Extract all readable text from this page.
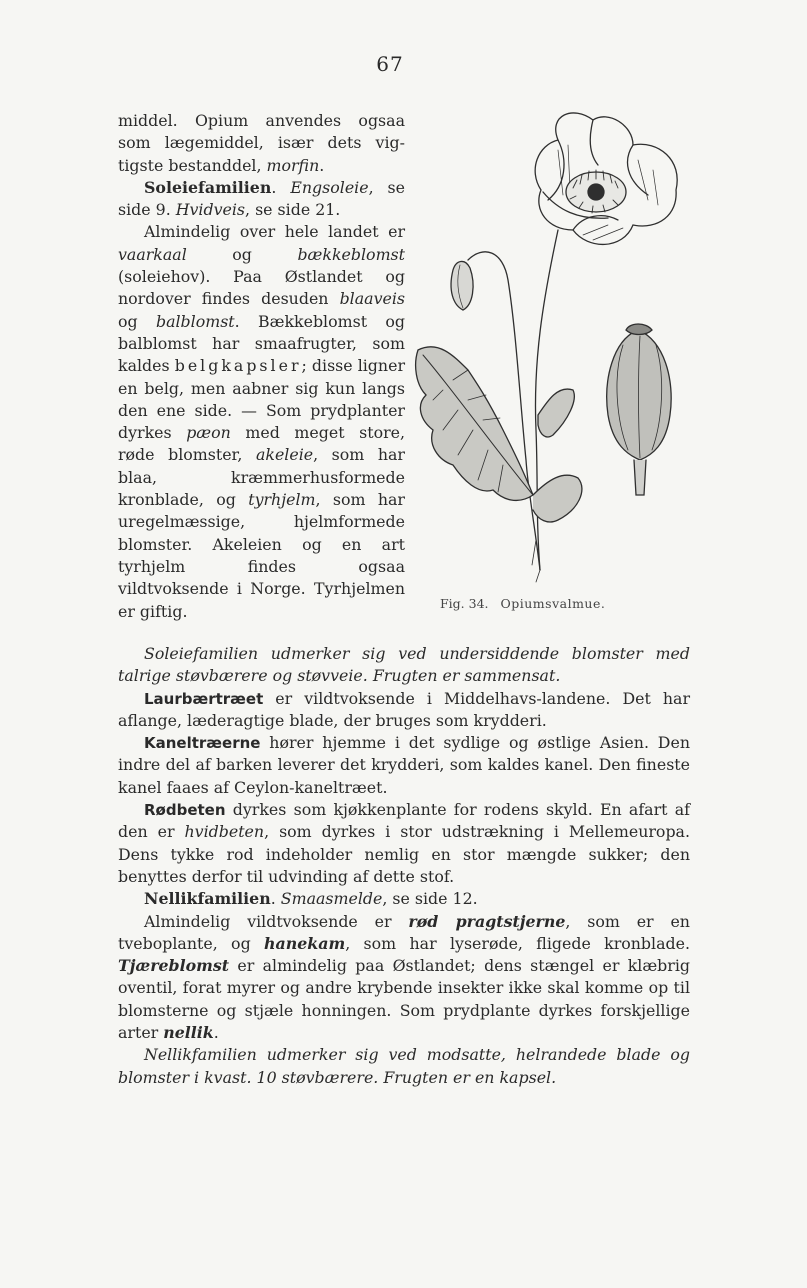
67

middel. Opium anvendes ogsaa som lægemiddel, især dets vigtigste bestanddel, morfin.

Soleiefamilien. Engsoleie, se side 9. Hvidveis, se side 21.

Almindelig over hele landet er vaarkaal og bækkeblomst (soleiehov). Paa Østlandet og nordover findes desuden blaaveis og balblomst. Bækkeblomst og balblomst har smaafrugter, som kaldes belgkapsler; disse ligner en belg, men aabner sig kun langs den ene side. — Som prydplanter dyrkes pæon med meget store, røde blomster, akeleie, som har blaa, kræmmerhusformede kronblade, og tyrhjelm, som har uregelmæssige, hjelmformede blomster. Akeleien og en art tyrhjelm findes ogsaa vildtvoksende i Norge. Tyrhjelmen er giftig.	Fig. 34. Opiumsvalmue.

Soleiefamilien udmerker sig ved undersiddende blomster med talrige støvbærere og støvveie. Frugten er sammensat.

Laurbærtræet er vildtvoksende i Middelhavs-landene. Det har aflange, læderagtige blade, der bruges som krydderi.

Kaneltræerne hører hjemme i det sydlige og østlige Asien. Den indre del af barken leverer det krydderi, som kaldes kanel. Den fineste kanel faaes af Ceylon-kaneltræet.

Rødbeten dyrkes som kjøkkenplante for rodens skyld. En afart af den er hvidbeten, som dyrkes i stor udstrækning i Mellemeuropa. Dens tykke rod indeholder nemlig en stor mængde sukker; den benyttes derfor til udvinding af dette stof.

Nellikfamilien. Smaasmelde, se side 12.

Almindelig vildtvoksende er rød pragtstjerne, som er en tveboplante, og hanekam, som har lyserøde, fligede kronblade. Tjæreblomst er almindelig paa Østlandet; dens stængel er klæbrig oventil, forat myrer og andre krybende insekter ikke skal komme op til blomsterne og stjæle honningen. Som prydplante dyrkes forskjellige arter nellik.

Nellikfamilien udmerker sig ved modsatte, helrandede blade og blomster i kvast. 10 støvbærere. Frugten er en kapsel.
